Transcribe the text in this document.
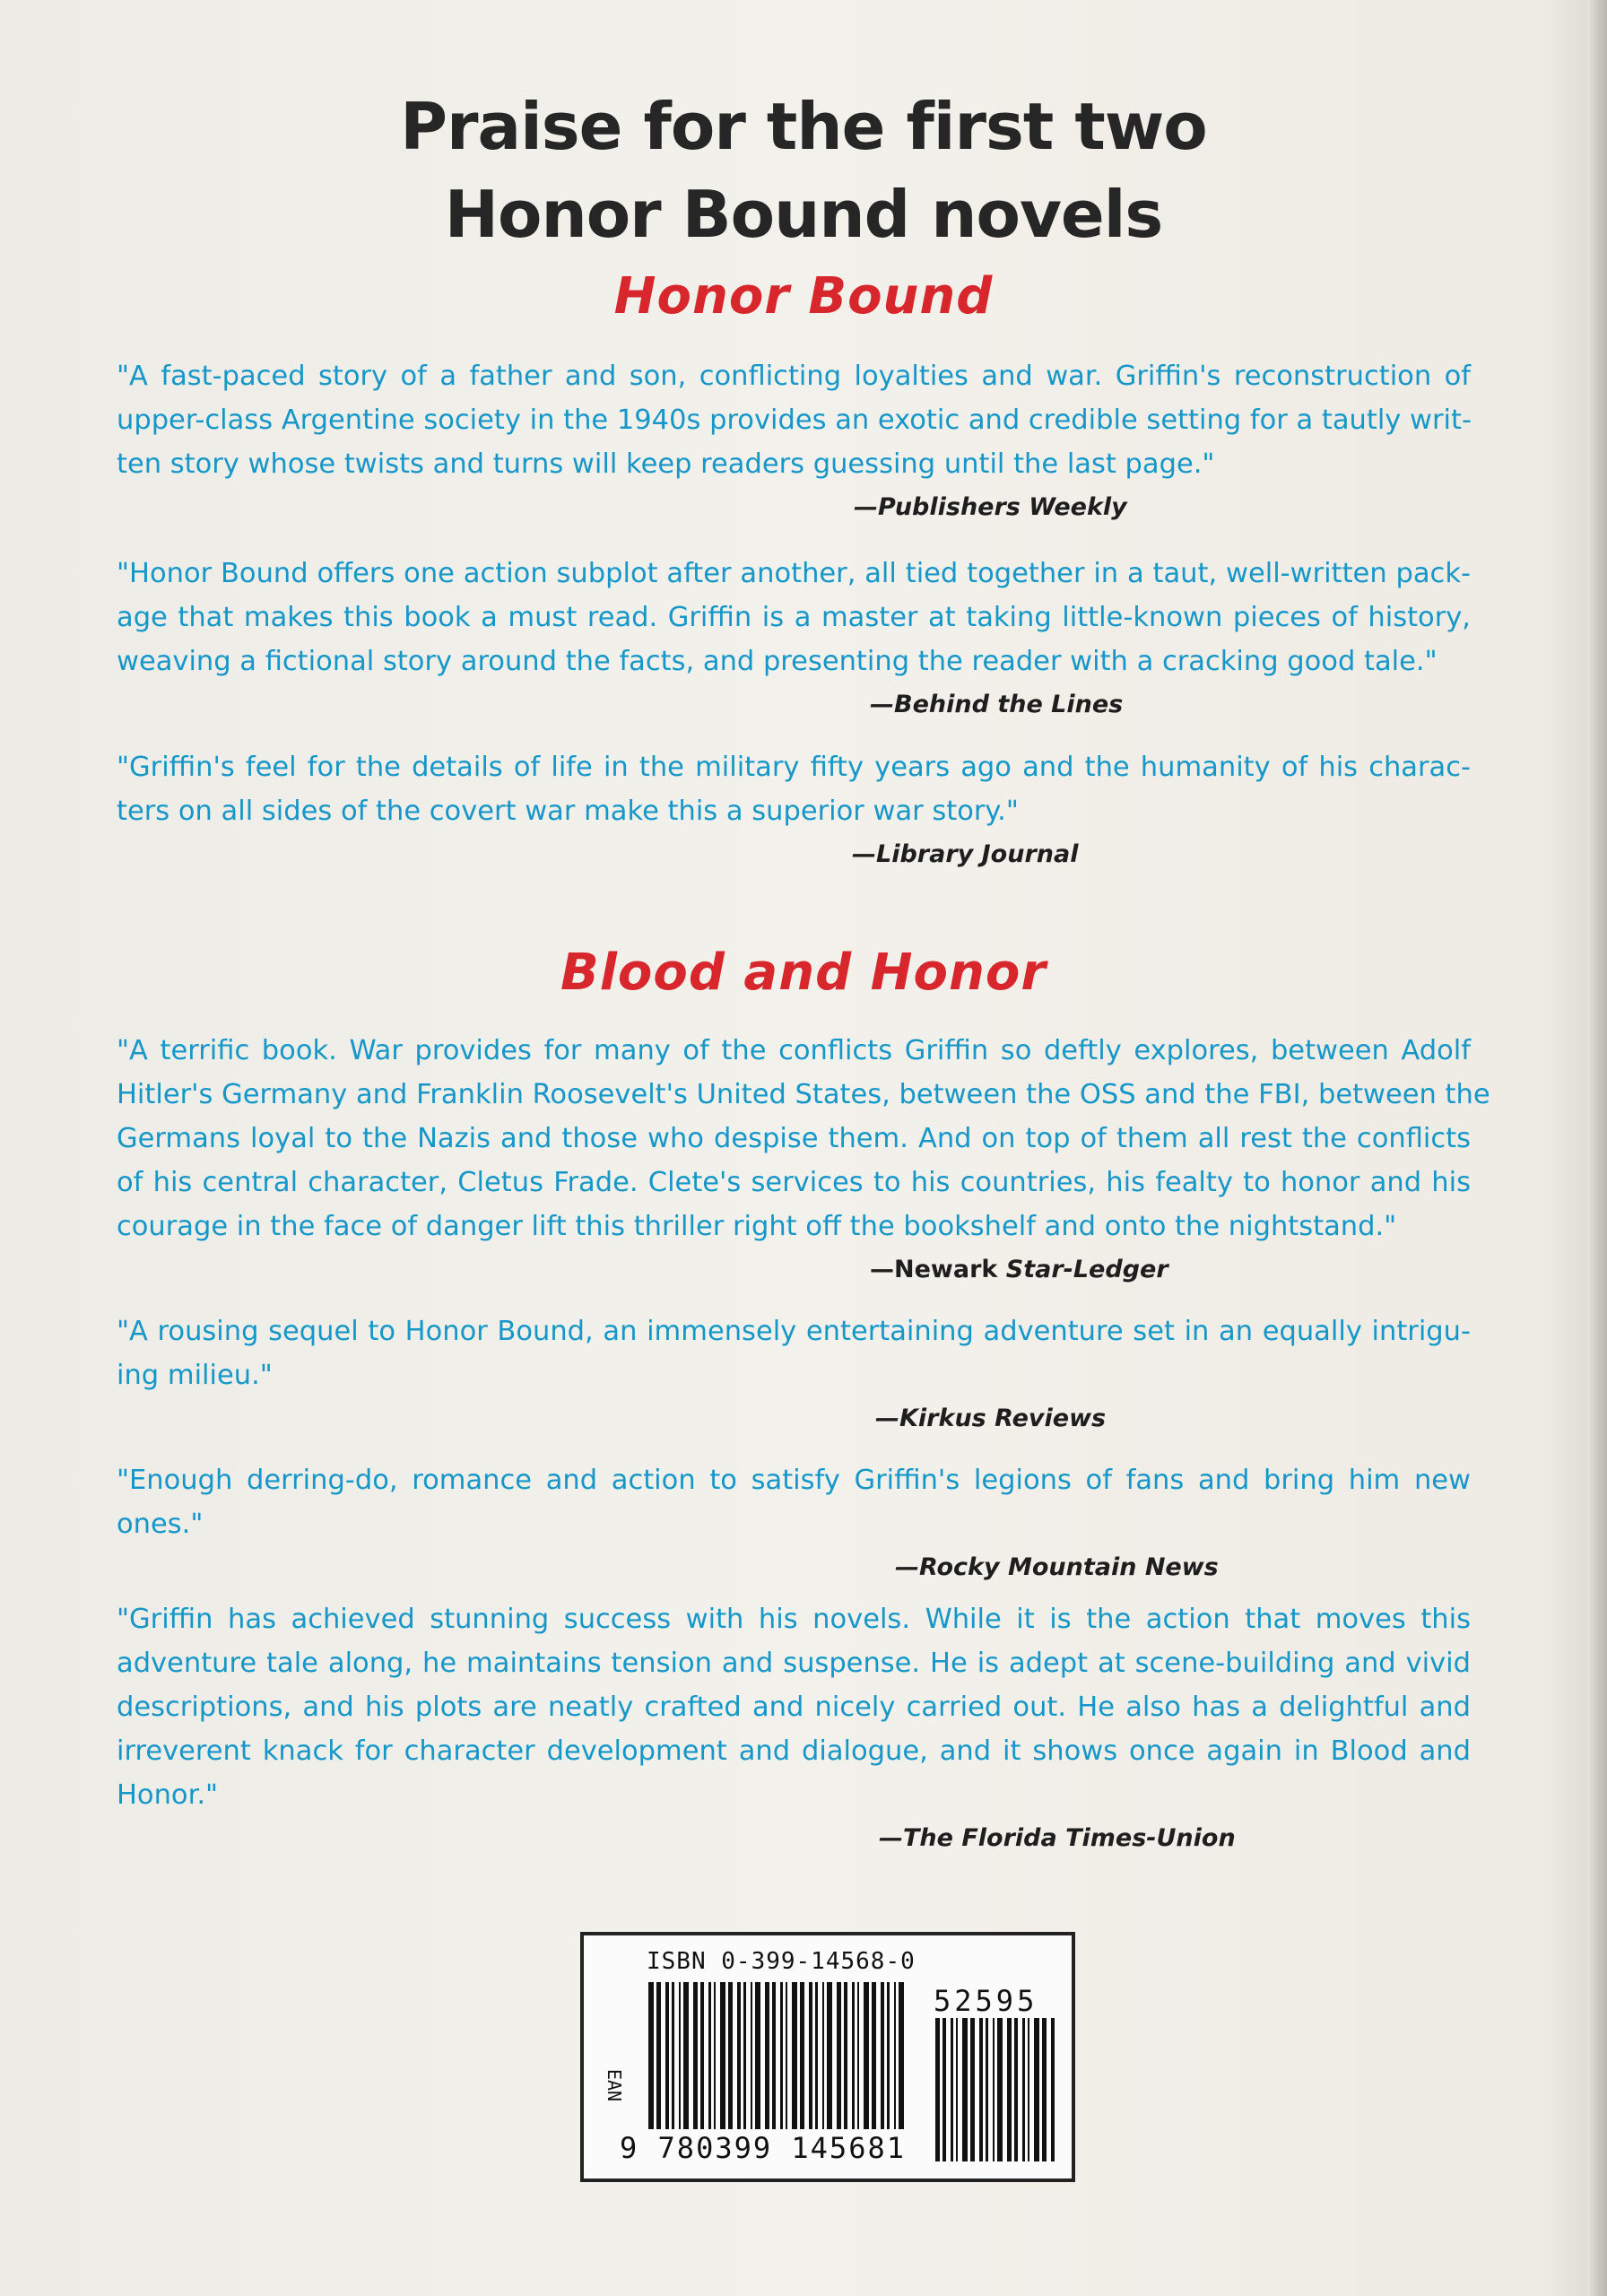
Praise for the first two
Honor Bound novels
Honor Bound

"A fast-paced story of a father and son, conflicting loyalties and war. Griffin's reconstruction of
upper-class Argentine society in the 1940s provides an exotic and credible setting for a tautly writ-
ten story whose twists and turns will keep readers guessing until the last page."

—Publishers Weekly

"Honor Bound offers one action subplot after another, all tied together in a taut, well-written pack-
age that makes this book a must read. Griffin is a master at taking little-known pieces of history,
weaving a fictional story around the facts, and presenting the reader with a cracking good tale."

—Behind the Lines

"Griffin's feel for the details of life in the military fifty years ago and the humanity of his charac-
ters on all sides of the covert war make this a superior war story."

—Library Journal

Blood and Honor

"A terrific book. War provides for many of the conflicts Griffin so deftly explores, between Adolf
Hitler's Germany and Franklin Roosevelt's United States, between the OSS and the FBI, between the
Germans loyal to the Nazis and those who despise them. And on top of them all rest the conflicts
of his central character, Cletus Frade. Clete's services to his countries, his fealty to honor and his
courage in the face of danger lift this thriller right off the bookshelf and onto the nightstand."

—Newark Star-Ledger

"A rousing sequel to Honor Bound, an immensely entertaining adventure set in an equally intrigu-
ing milieu."

—Kirkus Reviews

"Enough derring-do, romance and action to satisfy Griffin's legions of fans and bring him new
ones."

—Rocky Mountain News

"Griffin has achieved stunning success with his novels. While it is the action that moves this
adventure tale along, he maintains tension and suspense. He is adept at scene-building and vivid
descriptions, and his plots are neatly crafted and nicely carried out. He also has a delightful and
irreverent knack for character development and dialogue, and it shows once again in Blood and
Honor."

—The Florida Times-Union

ISBN 0-399-14568-0
EAN
52595
9 780399 145681
